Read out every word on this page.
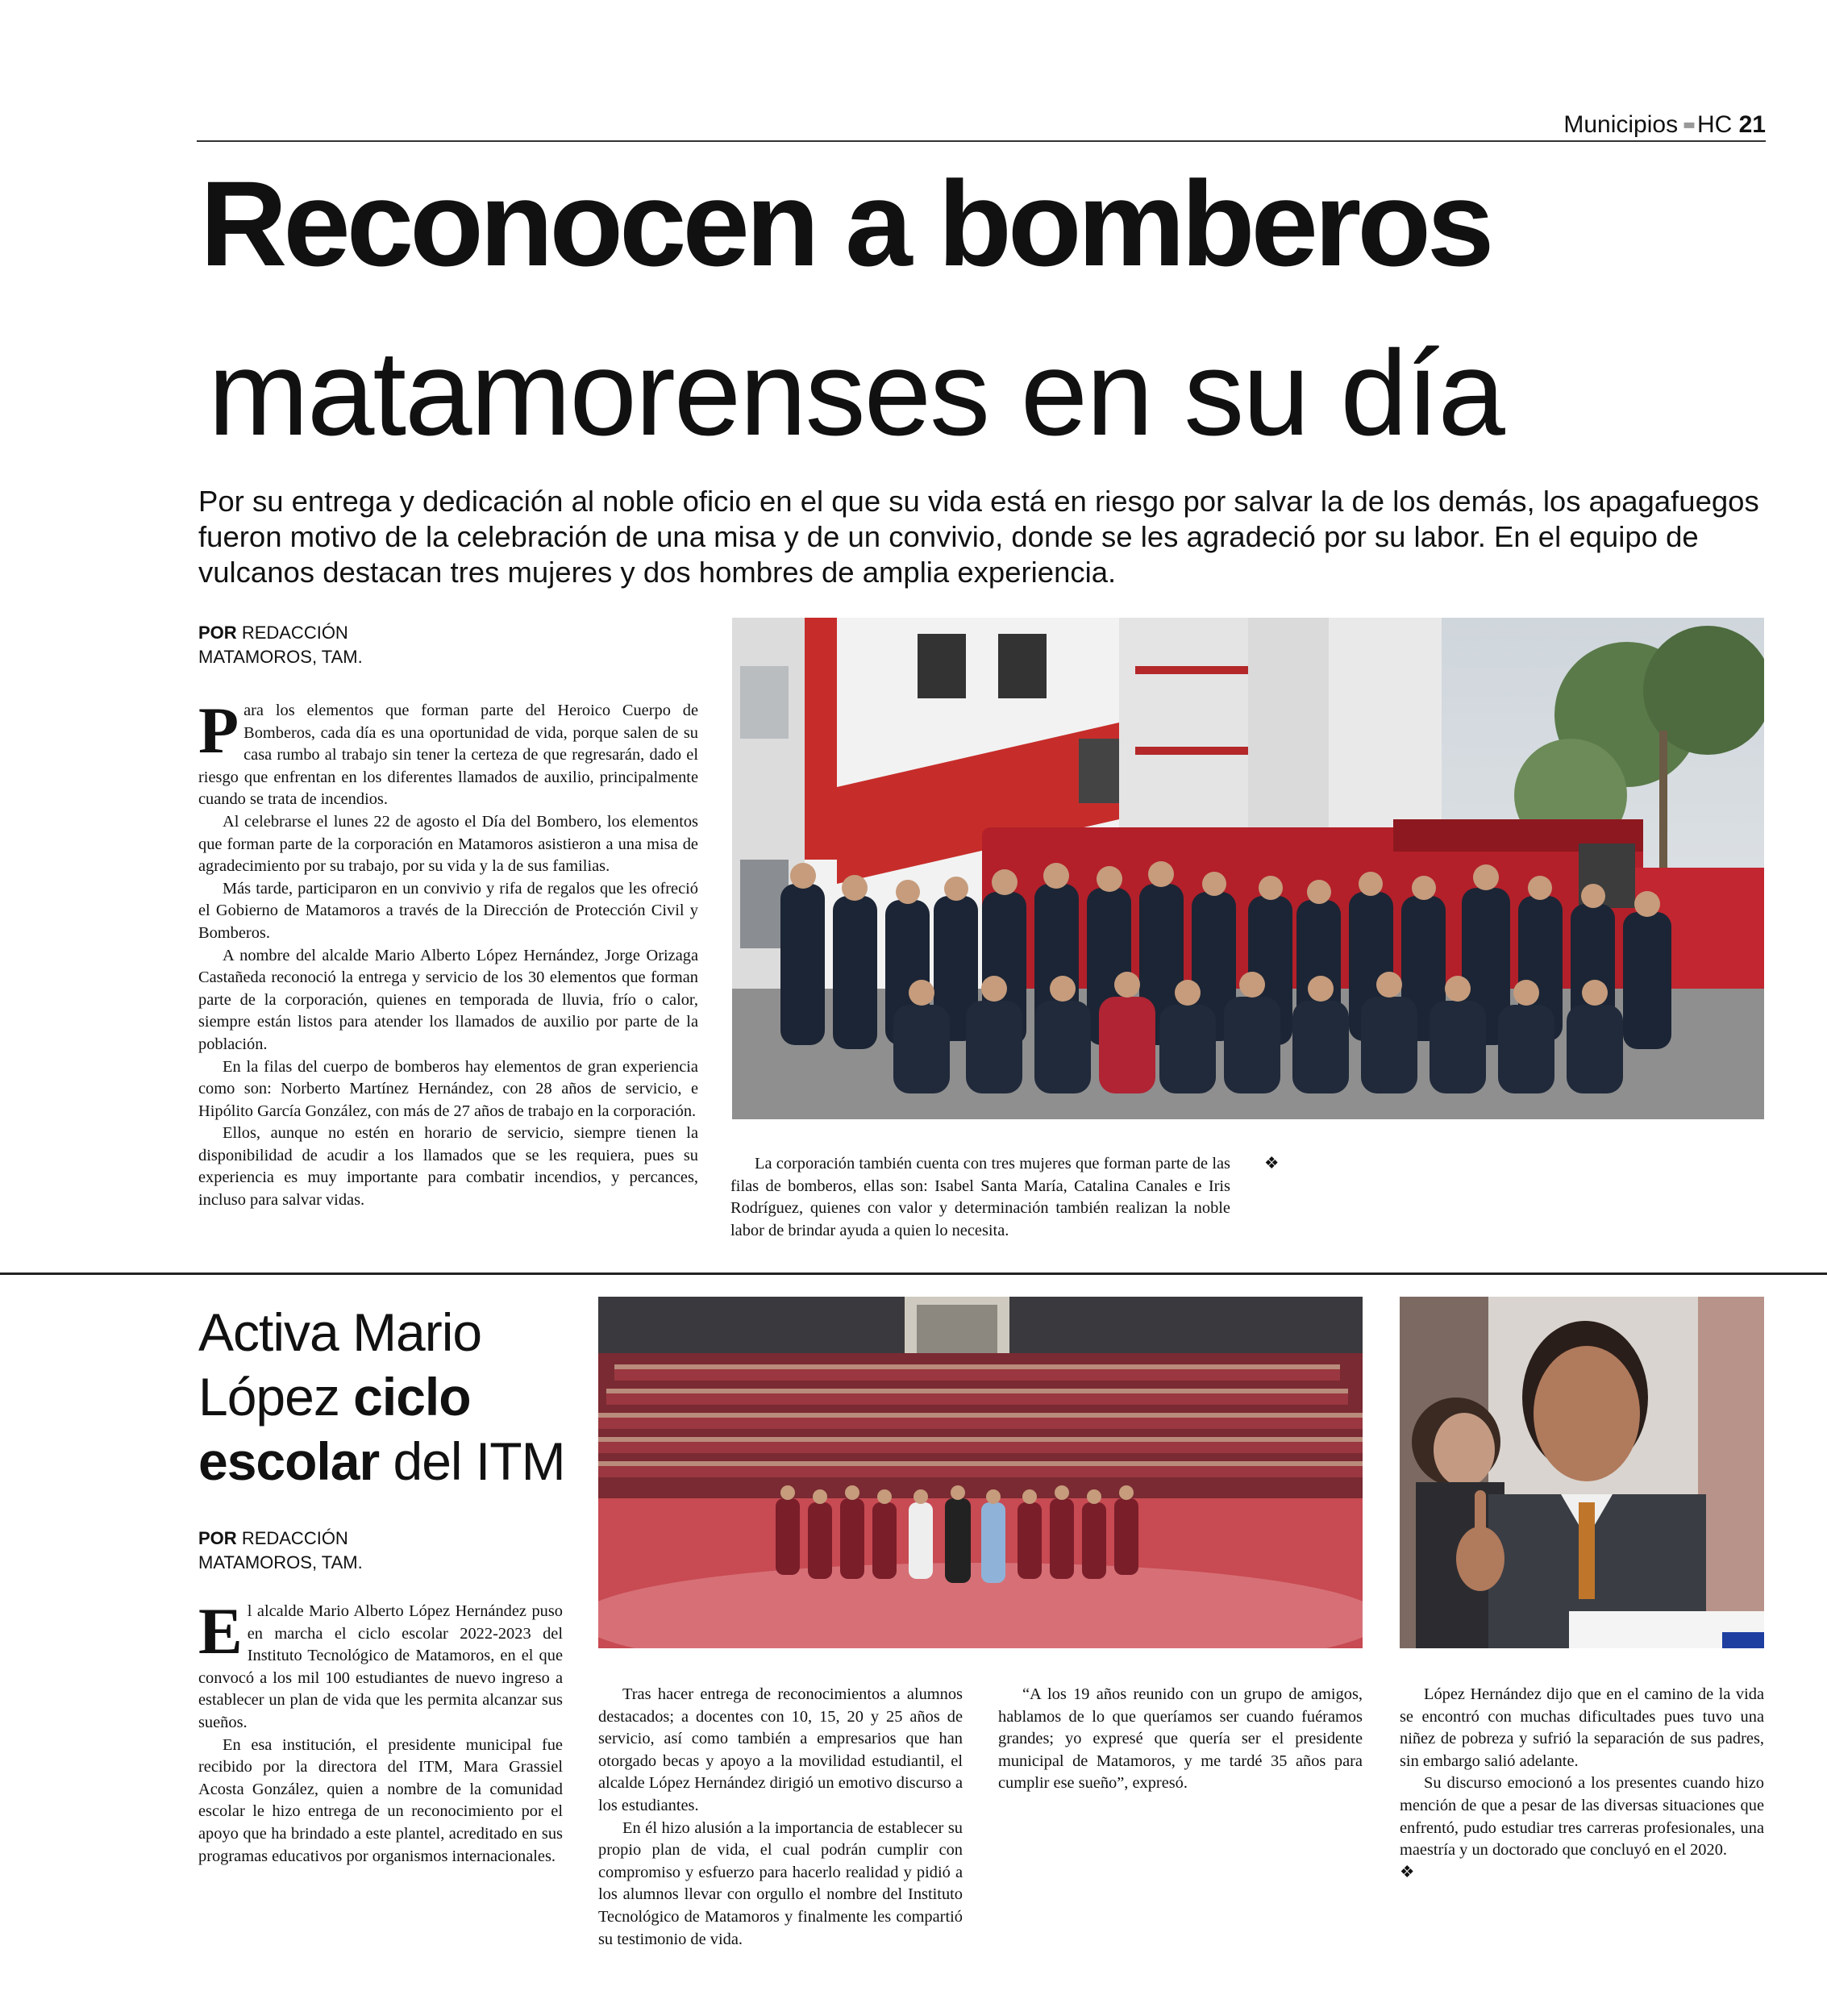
Municipios ▪▪ HC 21
Reconocen a bomberos
matamorenses en su día
Por su entrega y dedicación al noble oficio en el que su vida está en riesgo por salvar la de los demás, los apagafuegos fueron motivo de la celebración de una misa y de un convivio, donde se les agradeció por su labor. En el equipo de vulcanos destacan tres mujeres y dos hombres de amplia experiencia.
POR REDACCIÓN
MATAMOROS, TAM.

Para los elementos que forman parte del Heroico Cuerpo de Bomberos, cada día es una oportunidad de vida, porque salen de su casa rumbo al trabajo sin tener la certeza de que regresarán, dado el riesgo que enfrentan en los diferentes llamados de auxilio, principalmente cuando se trata de incendios.

Al celebrarse el lunes 22 de agosto el Día del Bombero, los elementos que forman parte de la corporación en Matamoros asistieron a una misa de agradecimiento por su trabajo, por su vida y la de sus familias.

Más tarde, participaron en un convivio y rifa de regalos que les ofreció el Gobierno de Matamoros a través de la Dirección de Protección Civil y Bomberos.

A nombre del alcalde Mario Alberto López Hernández, Jorge Orizaga Castañeda reconoció la entrega y servicio de los 30 elementos que forman parte de la corporación, quienes en temporada de lluvia, frío o calor, siempre están listos para atender los llamados de auxilio por parte de la población.

En la filas del cuerpo de bomberos hay elementos de gran experiencia como son: Norberto Martínez Hernández, con 28 años de servicio, e Hipólito García González, con más de 27 años de trabajo en la corporación.

Ellos, aunque no estén en horario de servicio, siempre tienen la disponibilidad de acudir a los llamados que se les requiera, pues su experiencia es muy importante para combatir incendios, y percances, incluso para salvar vidas.

La corporación también cuenta con tres mujeres que forman parte de las filas de bomberos, ellas son: Isabel Santa María, Catalina Canales e Iris Rodríguez, quienes con valor y determinación también realizan la noble labor de brindar ayuda a quien lo necesita.

❖

Activa Mario
López ciclo
escolar del ITM
POR REDACCIÓN
MATAMOROS, TAM.

El alcalde Mario Alberto López Hernández puso en marcha el ciclo escolar 2022-2023 del Instituto Tecnológico de Matamoros, en el que convocó a los mil 100 estudiantes de nuevo ingreso a establecer un plan de vida que les permita alcanzar sus sueños.

En esa institución, el presidente municipal fue recibido por la directora del ITM, Mara Grassiel Acosta González, quien a nombre de la comunidad escolar le hizo entrega de un reconocimiento por el apoyo que ha brindado a este plantel, acreditado en sus programas educativos por organismos internacionales.

Tras hacer entrega de reconocimientos a alumnos destacados; a docentes con 10, 15, 20 y 25 años de servicio, así como también a empresarios que han otorgado becas y apoyo a la movilidad estudiantil, el alcalde López Hernández dirigió un emotivo discurso a los estudiantes.

En él hizo alusión a la importancia de establecer su propio plan de vida, el cual podrán cumplir con compromiso y esfuerzo para hacerlo realidad y pidió a los alumnos llevar con orgullo el nombre del Instituto Tecnológico de Matamoros y finalmente les compartió su testimonio de vida.

“A los 19 años reunido con un grupo de amigos, hablamos de lo que queríamos ser cuando fuéramos grandes; yo expresé que quería ser el presidente municipal de Matamoros, y me tardé 35 años para cumplir ese sueño”, expresó.

López Hernández dijo que en el camino de la vida se encontró con muchas dificultades pues tuvo una niñez de pobreza y sufrió la separación de sus padres, sin embargo salió adelante.

Su discurso emocionó a los presentes cuando hizo mención de que a pesar de las diversas situaciones que enfrentó, pudo estudiar tres carreras profesionales, una maestría y un doctorado que concluyó en el 2020.

❖
